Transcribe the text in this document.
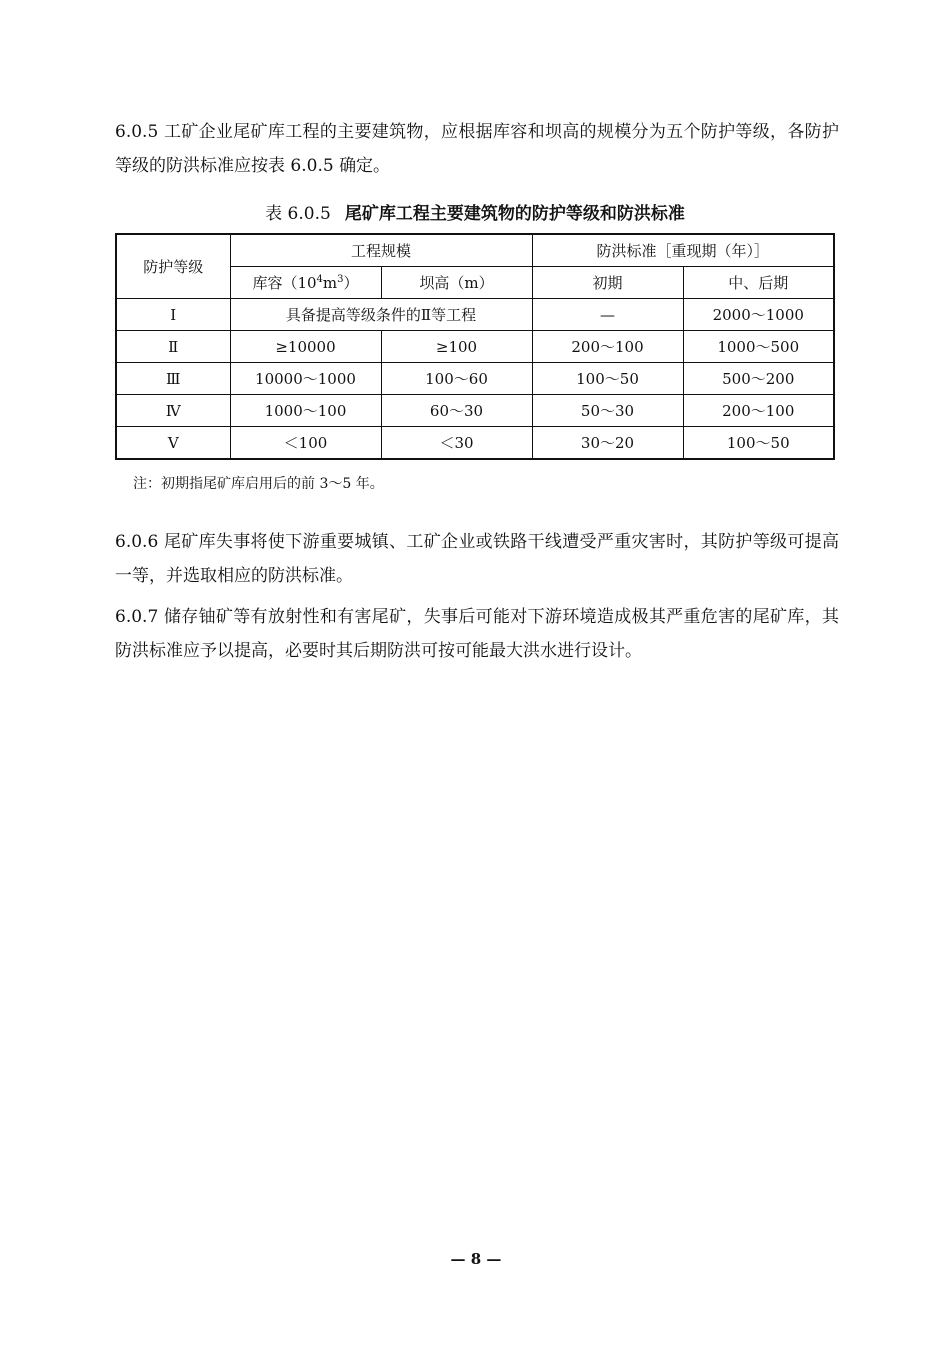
6.0.5 工矿企业尾矿库工程的主要建筑物，应根据库容和坝高的规模分为五个防护等级，各防护等级的防洪标准应按表 6.0.5 确定。

表 6.0.5 尾矿库工程主要建筑物的防护等级和防洪标准
防护等级	工程规模		防洪标准［重现期（年）］	
	库容$(10^4m^3)$	坝高（m）	初期	中、后期
Ⅰ	具备提高等级条件的Ⅱ等工程		—	2000～1000
Ⅱ	≥10000	≥100	200～100	1000～500
Ⅲ	10000～1000	100～60	100～50	500～200
Ⅳ	1000～100	60～30	50～30	200～100
Ⅴ	＜100	＜30	30～20	100～50
注：初期指尾矿库启用后的前 3～5 年。

6.0.6 尾矿库失事将使下游重要城镇、工矿企业或铁路干线遭受严重灾害时，其防护等级可提高一等，并选取相应的防洪标准。

6.0.7 储存铀矿等有放射性和有害尾矿，失事后可能对下游环境造成极其严重危害的尾矿库，其防洪标准应予以提高，必要时其后期防洪可按可能最大洪水进行设计。

— 8 —
